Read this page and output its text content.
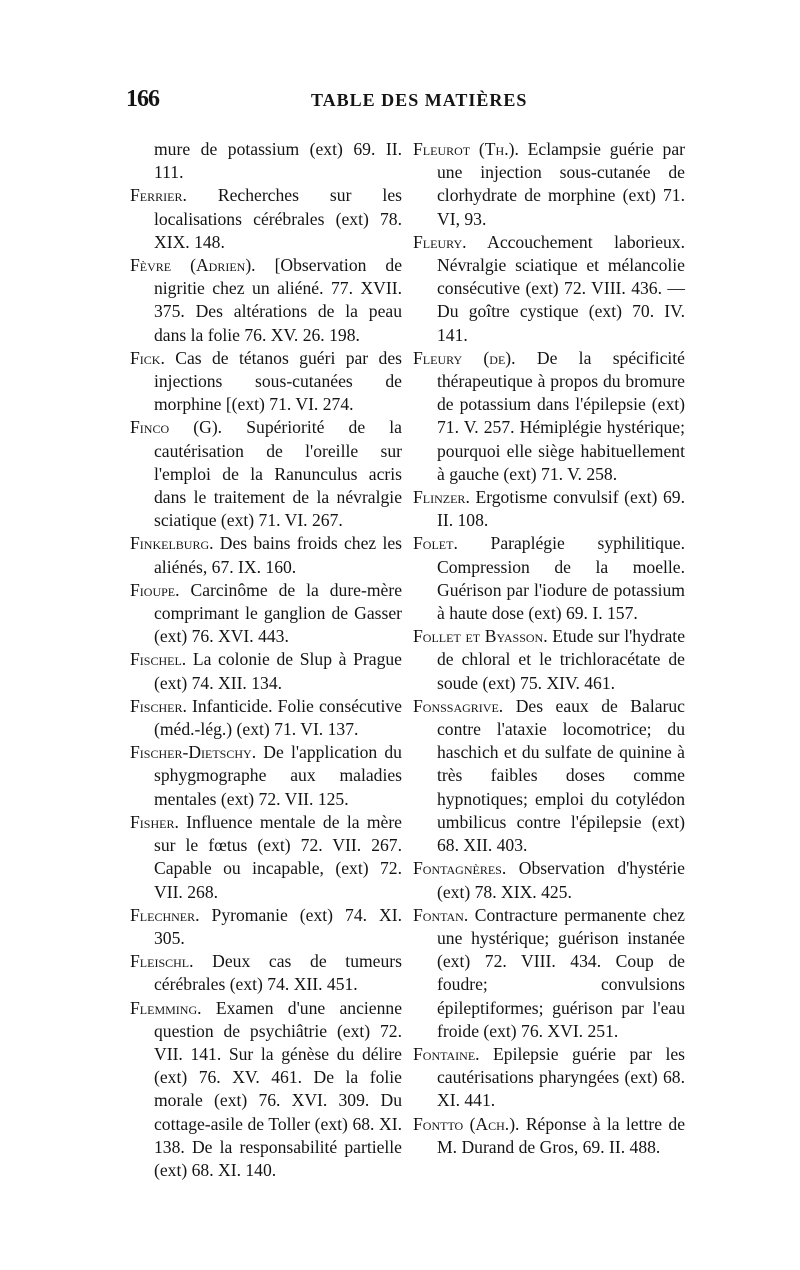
166	TABLE DES MATIÈRES

mure de potassium (ext) 69. II. 111.

Ferrier. Recherches sur les localisations cérébrales (ext) 78. XIX. 148.

Fèvre (Adrien). [Observation de nigritie chez un aliéné. 77. XVII. 375. Des altérations de la peau dans la folie 76. XV. 26. 198.

Fick. Cas de tétanos guéri par des injections sous-cutanées de morphine [(ext) 71. VI. 274.

Finco (G). Supériorité de la cautérisation de l'oreille sur l'emploi de la Ranunculus acris dans le traitement de la névralgie sciatique (ext) 71. VI. 267.

Finkelburg. Des bains froids chez les aliénés, 67. IX. 160.

Fioupe. Carcinôme de la dure-mère comprimant le ganglion de Gasser (ext) 76. XVI. 443.

Fischel. La colonie de Slup à Prague (ext) 74. XII. 134.

Fischer. Infanticide. Folie consécutive (méd.-lég.) (ext) 71. VI. 137.

Fischer-Dietschy. De l'application du sphygmographe aux maladies mentales (ext) 72. VII. 125.

Fisher. Influence mentale de la mère sur le fœtus (ext) 72. VII. 267. Capable ou incapable, (ext) 72. VII. 268.

Flechner. Pyromanie (ext) 74. XI. 305.

Fleischl. Deux cas de tumeurs cérébrales (ext) 74. XII. 451.

Flemming. Examen d'une ancienne question de psychiâtrie (ext) 72. VII. 141. Sur la génèse du délire (ext) 76. XV. 461. De la folie morale (ext) 76. XVI. 309. Du cottage-asile de Toller (ext) 68. XI. 138. De la responsabilité partielle (ext) 68. XI. 140.

Fleurot (Th.). Eclampsie guérie par une injection sous-cutanée de clorhydrate de morphine (ext) 71. VI, 93.

Fleury. Accouchement laborieux. Névralgie sciatique et mélancolie consécutive (ext) 72. VIII. 436. — Du goître cystique (ext) 70. IV. 141.

Fleury (de). De la spécificité thérapeutique à propos du bromure de potassium dans l'épilepsie (ext) 71. V. 257. Hémiplégie hystérique; pourquoi elle siège habituellement à gauche (ext) 71. V. 258.

Flinzer. Ergotisme convulsif (ext) 69. II. 108.

Folet. Paraplégie syphilitique. Compression de la moelle. Guérison par l'iodure de potassium à haute dose (ext) 69. I. 157.

Follet et Byasson. Etude sur l'hydrate de chloral et le trichloracétate de soude (ext) 75. XIV. 461.

Fonssagrive. Des eaux de Balaruc contre l'ataxie locomotrice; du haschich et du sulfate de quinine à très faibles doses comme hypnotiques; emploi du cotylédon umbilicus contre l'épilepsie (ext) 68. XII. 403.

Fontagnères. Observation d'hystérie (ext) 78. XIX. 425.

Fontan. Contracture permanente chez une hystérique; guérison instanée (ext) 72. VIII. 434. Coup de foudre; convulsions épileptiformes; guérison par l'eau froide (ext) 76. XVI. 251.

Fontaine. Epilepsie guérie par les cautérisations pharyngées (ext) 68. XI. 441.

Fontto (Ach.). Réponse à la lettre de M. Durand de Gros, 69. II. 488.
